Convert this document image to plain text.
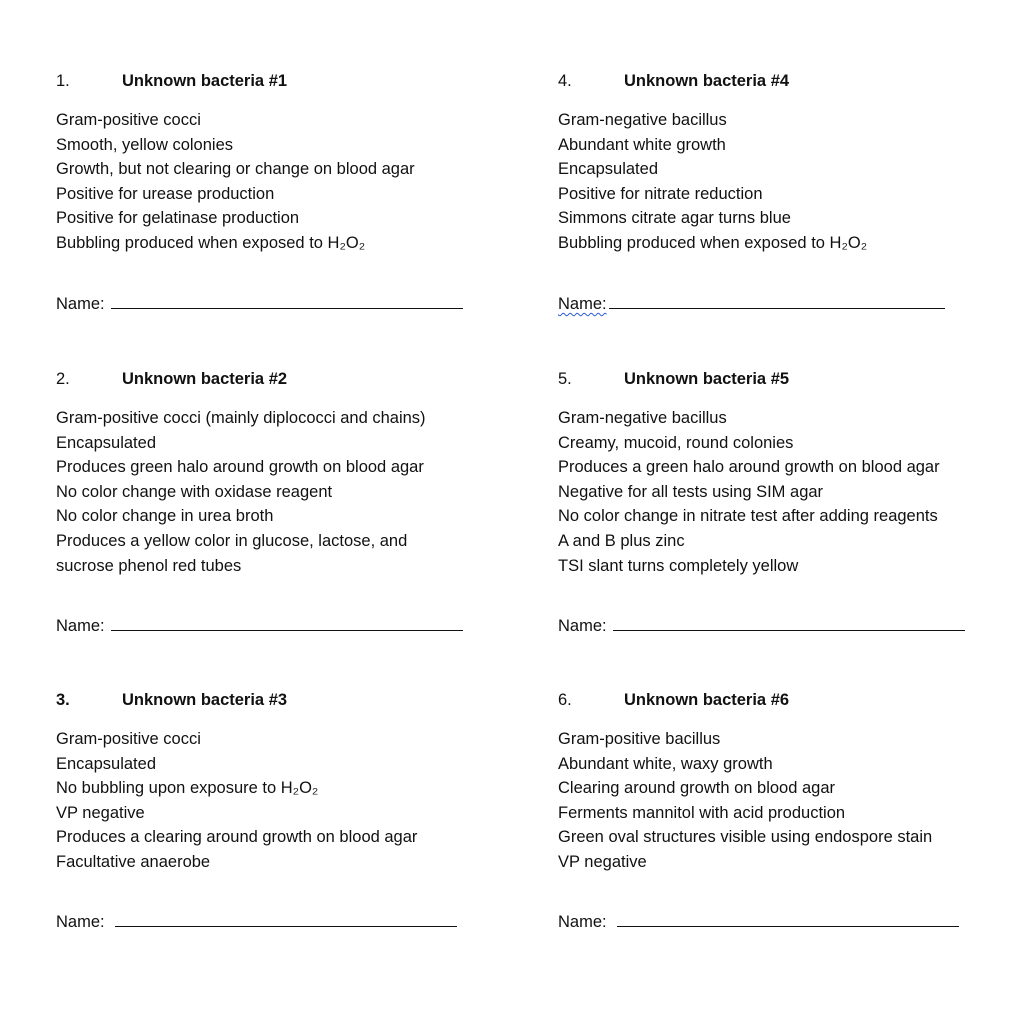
1.	Unknown bacteria #1
Gram-positive cocci
Smooth, yellow colonies
Growth, but not clearing or change on blood agar
Positive for urease production
Positive for gelatinase production
Bubbling produced when exposed to H₂O₂
Name:
2.	Unknown bacteria #2
Gram-positive cocci (mainly diplococci and chains)
Encapsulated
Produces green halo around growth on blood agar
No color change with oxidase reagent
No color change in urea broth
Produces a yellow color in glucose, lactose, and
sucrose phenol red tubes
Name:
3.	Unknown bacteria #3
Gram-positive cocci
Encapsulated
No bubbling upon exposure to H₂O₂
VP negative
Produces a clearing around growth on blood agar
Facultative anaerobe
Name:
4.	Unknown bacteria #4
Gram-negative bacillus
Abundant white growth
Encapsulated
Positive for nitrate reduction
Simmons citrate agar turns blue
Bubbling produced when exposed to H₂O₂
Name:
5.	Unknown bacteria #5
Gram-negative bacillus
Creamy, mucoid, round colonies
Produces a green halo around growth on blood agar
Negative for all tests using SIM agar
No color change in nitrate test after adding reagents
A and B plus zinc
TSI slant turns completely yellow
Name:
6.	Unknown bacteria #6
Gram-positive bacillus
Abundant white, waxy growth
Clearing around growth on blood agar
Ferments mannitol with acid production
Green oval structures visible using endospore stain
VP negative
Name:
